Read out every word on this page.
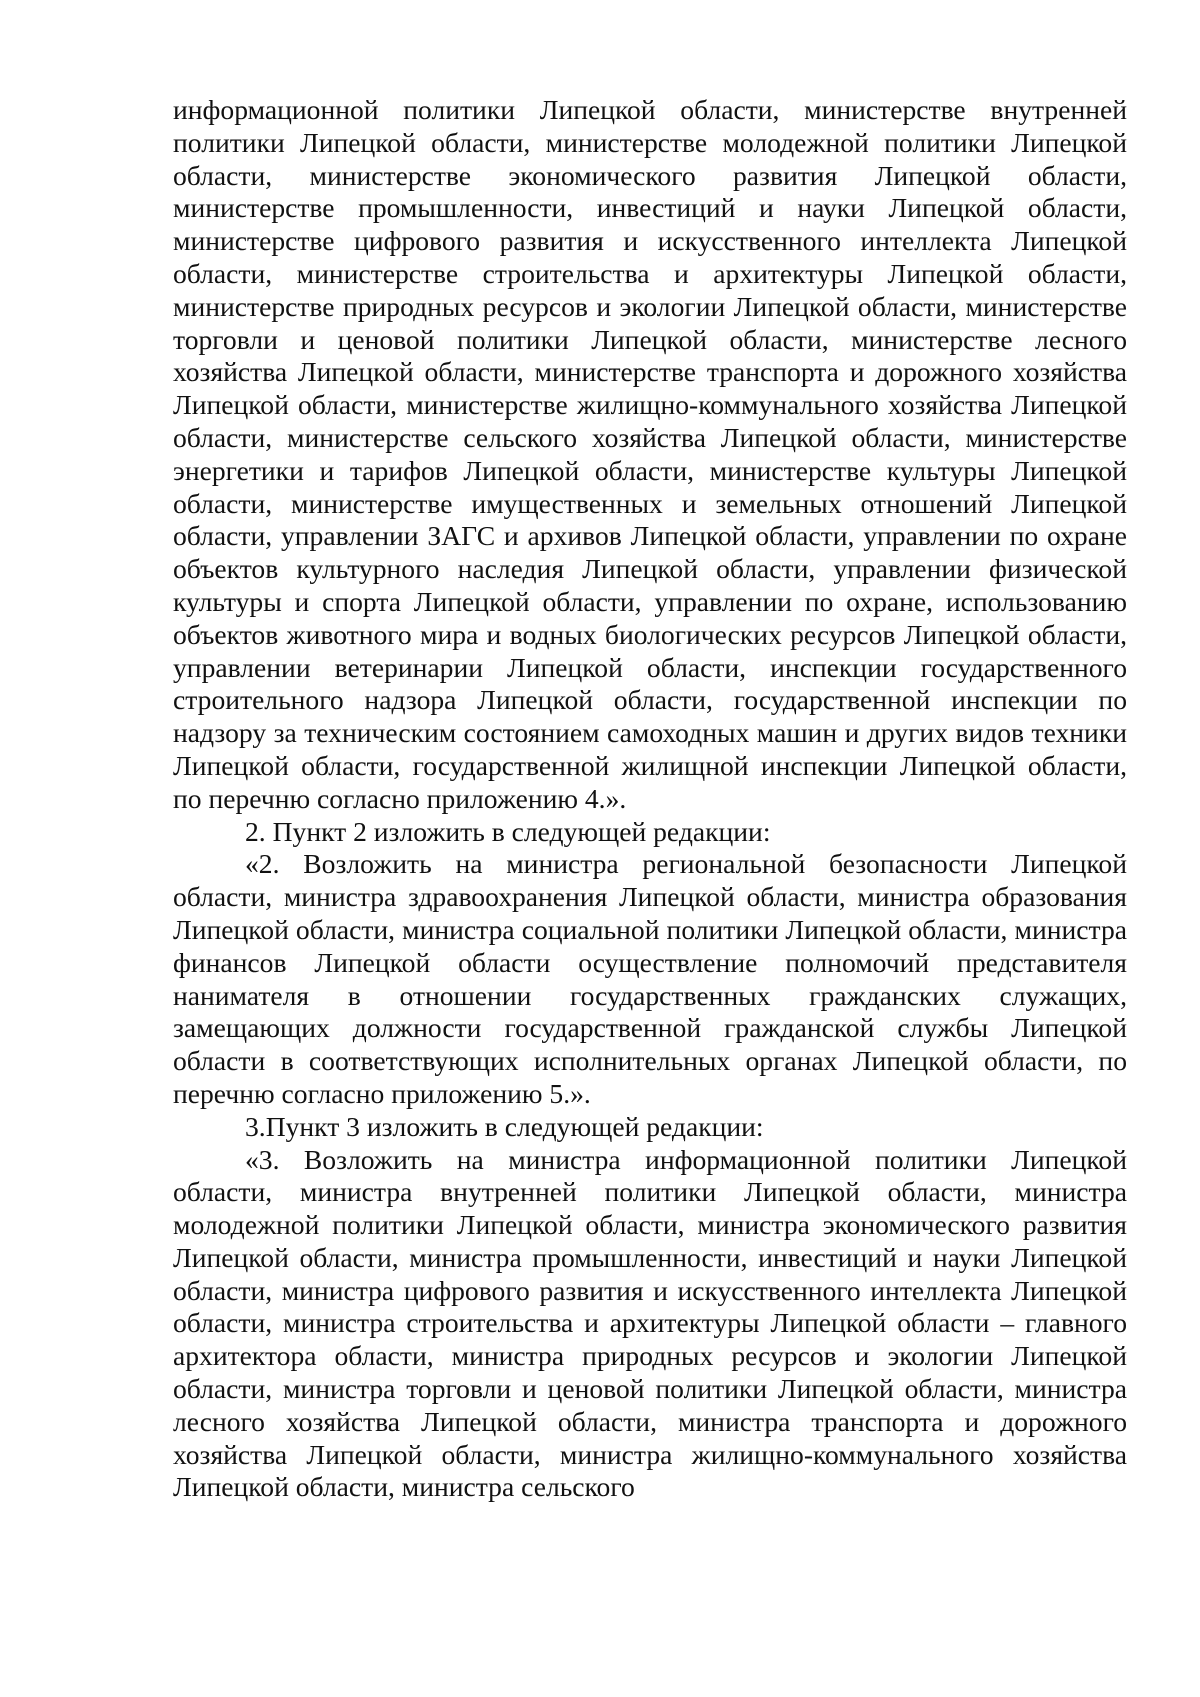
информационной политики Липецкой области, министерстве внутренней политики Липецкой области, министерстве молодежной политики Липецкой области, министерстве экономического развития Липецкой области, министерстве промышленности, инвестиций и науки Липецкой области, министерстве цифрового развития и искусственного интеллекта Липецкой области, министерстве строительства и архитектуры Липецкой области, министерстве природных ресурсов и экологии Липецкой области, министерстве торговли и ценовой политики Липецкой области, министерстве лесного хозяйства Липецкой области, министерстве транспорта и дорожного хозяйства Липецкой области, министерстве жилищно-коммунального хозяйства Липецкой области, министерстве сельского хозяйства Липецкой области, министерстве энергетики и тарифов Липецкой области, министерстве культуры Липецкой области, министерстве имущественных и земельных отношений Липецкой области, управлении ЗАГС и архивов Липецкой области, управлении по охране объектов культурного наследия Липецкой области, управлении физической культуры и спорта Липецкой области, управлении по охране, использованию объектов животного мира и водных биологических ресурсов Липецкой области, управлении ветеринарии Липецкой области, инспекции государственного строительного надзора Липецкой области, государственной инспекции по надзору за техническим состоянием самоходных машин и других видов техники Липецкой области, государственной жилищной инспекции Липецкой области, по перечню согласно приложению 4.».

2. Пункт 2 изложить в следующей редакции:

«2. Возложить на министра региональной безопасности Липецкой области, министра здравоохранения Липецкой области, министра образования Липецкой области, министра социальной политики Липецкой области, министра финансов Липецкой области осуществление полномочий представителя нанимателя в отношении государственных гражданских служащих, замещающих должности государственной гражданской службы Липецкой области в соответствующих исполнительных органах Липецкой области, по перечню согласно приложению 5.».

3.Пункт 3 изложить в следующей редакции:

«3. Возложить на министра информационной политики Липецкой области, министра внутренней политики Липецкой области, министра молодежной политики Липецкой области, министра экономического развития Липецкой области, министра промышленности, инвестиций и науки Липецкой области, министра цифрового развития и искусственного интеллекта Липецкой области, министра строительства и архитектуры Липецкой области – главного архитектора области, министра природных ресурсов и экологии Липецкой области, министра торговли и ценовой политики Липецкой области, министра лесного хозяйства Липецкой области, министра транспорта и дорожного хозяйства Липецкой области, министра жилищно-коммунального хозяйства Липецкой области, министра сельского
